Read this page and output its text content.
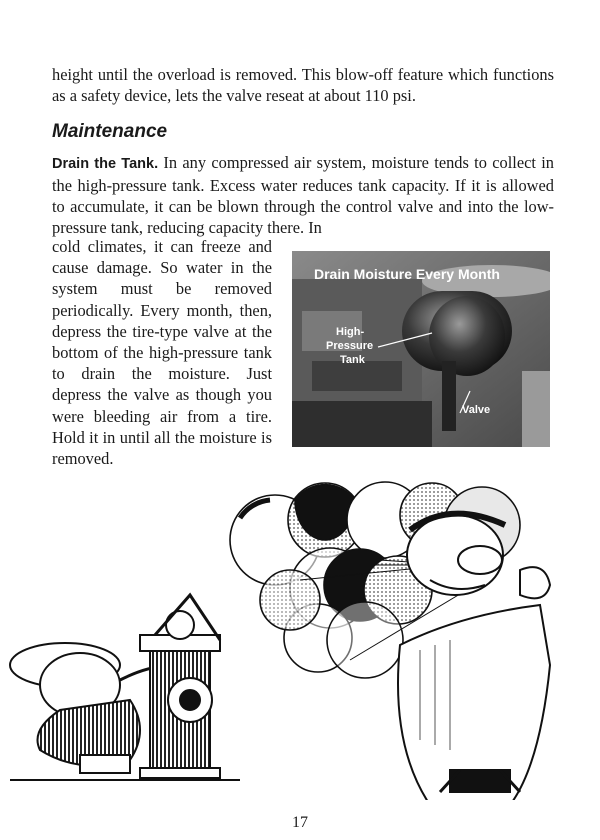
height until the overload is removed. This blow-off feature which functions as a safety device, lets the valve reseat at about 110 psi.

Maintenance

Drain the Tank. In any compressed air system, moisture tends to collect in the high-pressure tank. Excess water reduces tank capacity. If it is allowed to accumulate, it can be blown through the control valve and into the low-pressure tank, reducing capacity there. In

cold climates, it can freeze and cause damage. So water in the system must be removed periodically. Every month, then, depress the tire-type valve at the bottom of the high-pressure tank to drain the moisture. Just depress the valve as though you were bleeding air from a tire. Hold it in until all the moisture is removed.

Drain Moisture Every Month
High-
Pressure
Tank
Valve

17
